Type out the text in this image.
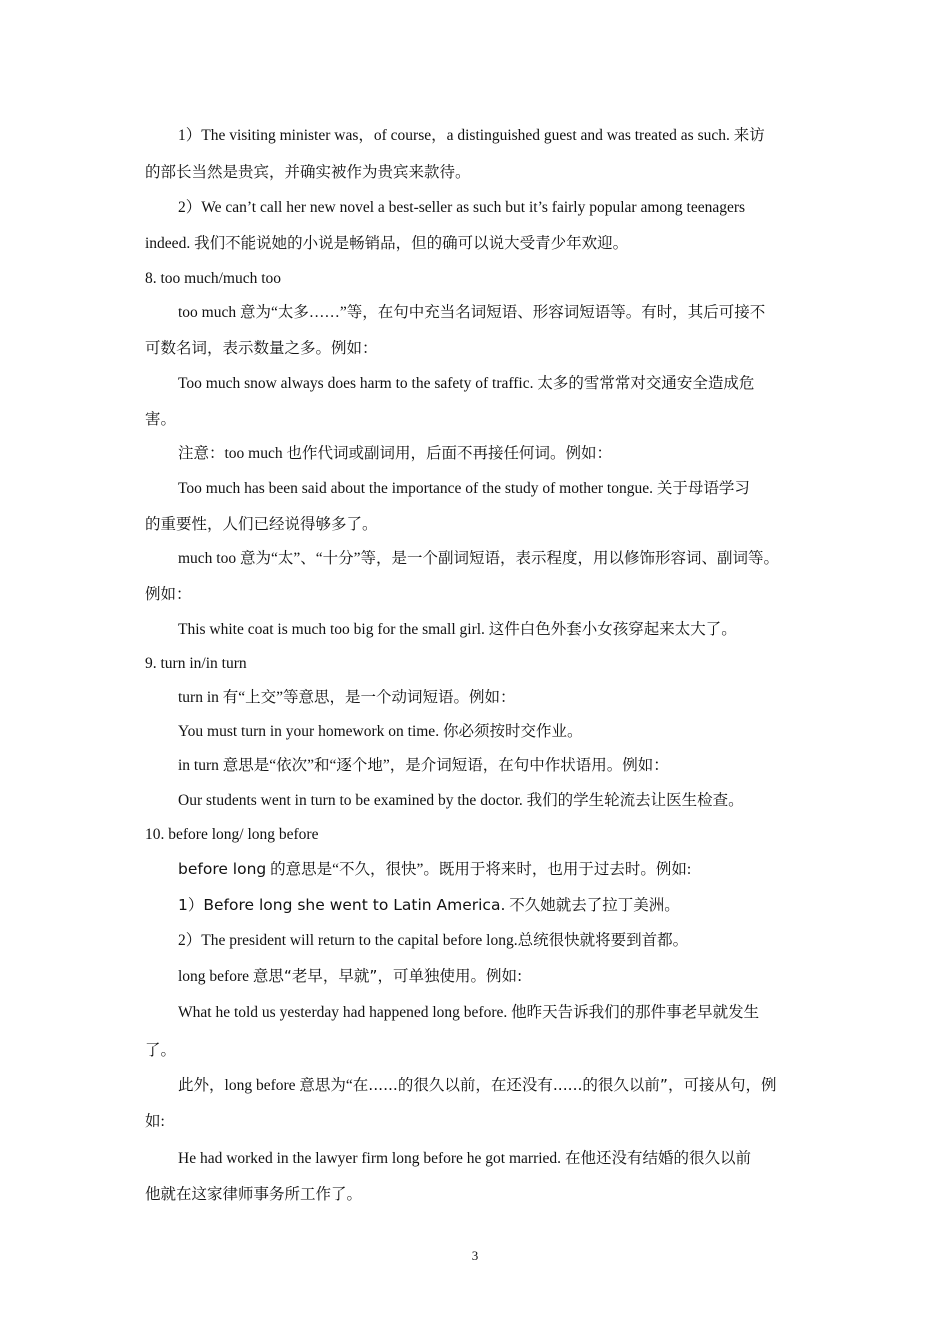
1）The visiting minister was，of course，a distinguished guest and was treated as such. 来访
的部长当然是贵宾，并确实被作为贵宾来款待。
2）We can’t call her new novel a best-seller as such but it’s fairly popular among teenagers
indeed. 我们不能说她的小说是畅销品，但的确可以说大受青少年欢迎。
8. too much/much too
too much 意为“太多……”等，在句中充当名词短语、形容词短语等。有时，其后可接不
可数名词，表示数量之多。例如：
Too much snow always does harm to the safety of traffic. 太多的雪常常对交通安全造成危
害。
注意：too much 也作代词或副词用，后面不再接任何词。例如：
Too much has been said about the importance of the study of mother tongue. 关于母语学习
的重要性，人们已经说得够多了。
much too 意为“太”、“十分”等，是一个副词短语，表示程度，用以修饰形容词、副词等。
例如：
This white coat is much too big for the small girl. 这件白色外套小女孩穿起来太大了。
9. turn in/in turn
turn in 有“上交”等意思，是一个动词短语。例如：
You must turn in your homework on time. 你必须按时交作业。
in turn 意思是“依次”和“逐个地”，是介词短语，在句中作状语用。例如：
Our students went in turn to be examined by the doctor. 我们的学生轮流去让医生检查。
10. before long/ long before
before long 的意思是“不久，很快”。既用于将来时，也用于过去时。例如:
1）Before long she went to Latin America. 不久她就去了拉丁美洲。
2）The president will return to the capital before long.总统很快就将要到首都。
long before 意思“老早，早就”，可单独使用。例如:
What he told us yesterday had happened long before. 他昨天告诉我们的那件事老早就发生
了。
此外，long before 意思为“在......的很久以前，在还没有......的很久以前”，可接从句，例
如:
He had worked in the lawyer firm long before he got married. 在他还没有结婚的很久以前
他就在这家律师事务所工作了。
3
